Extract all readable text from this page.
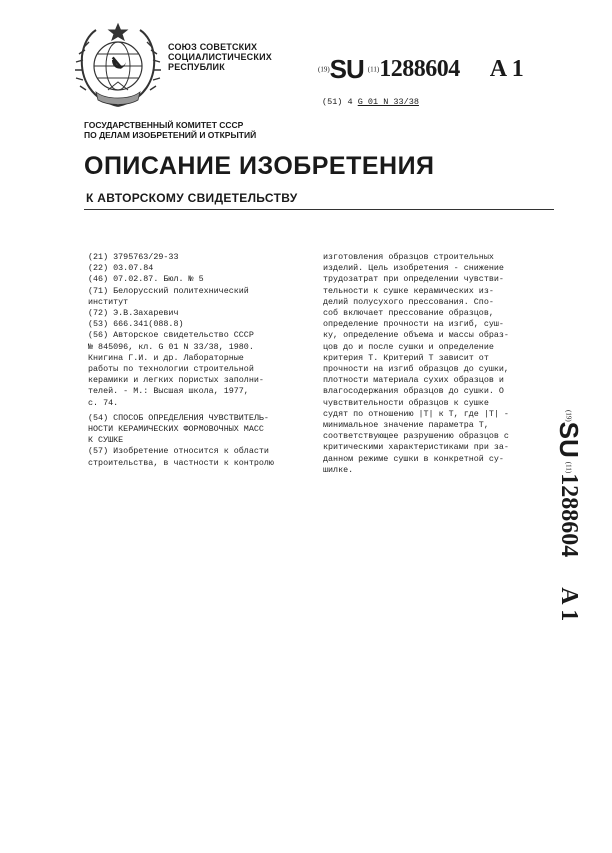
СОЮЗ СОВЕТСКИХ
СОЦИАЛИСТИЧЕСКИХ
РЕСПУБЛИК	(19)SU (11)1288604 A 1
(51) 4 G 01 N 33/38
ГОСУДАРСТВЕННЫЙ КОМИТЕТ СССР
ПО ДЕЛАМ ИЗОБРЕТЕНИЙ И ОТКРЫТИЙ
ОПИСАНИЕ ИЗОБРЕТЕНИЯ
К АВТОРСКОМУ СВИДЕТЕЛЬСТВУ
(21) 3795763/29-33
(22) 03.07.84
(46) 07.02.87. Бюл. № 5
(71) Белорусский политехнический
институт
(72) Э.В.Захаревич
(53) 666.341(088.8)
(56) Авторское свидетельство СССР
№ 845096, кл. G 01 N 33/38, 1980.
Книгина Г.И. и др. Лабораторные
работы по технологии строительной
керамики и легких пористых заполни-
телей. - М.: Высшая школа, 1977,
с. 74.
(54) СПОСОБ ОПРЕДЕЛЕНИЯ ЧУВСТВИТЕЛЬ-
НОСТИ КЕРАМИЧЕСКИХ ФОРМОВОЧНЫХ МАСС
К СУШКЕ
(57) Изобретение относится к области
строительства, в частности к контролю
изготовления образцов строительных
изделий. Цель изобретения - снижение
трудозатрат при определении чувстви-
тельности к сушке керамических из-
делий полусухого прессования. Спо-
соб включает прессование образцов,
определение прочности на изгиб, суш-
ку, определение объема и массы образ-
цов до и после сушки и определение
критерия Т. Критерий Т зависит от
прочности на изгиб образцов до сушки,
плотности материала сухих образцов и
влагосодержания образцов до сушки. О
чувствительности образцов к сушке
судят по отношению |Т| к Т, где |Т| -
минимальное значение параметра Т,
соответствующее разрушению образцов с
критическими характеристиками при за-
данном режиме сушки в конкретной су-
шилке.
(19)SU (11)1288604A 1
